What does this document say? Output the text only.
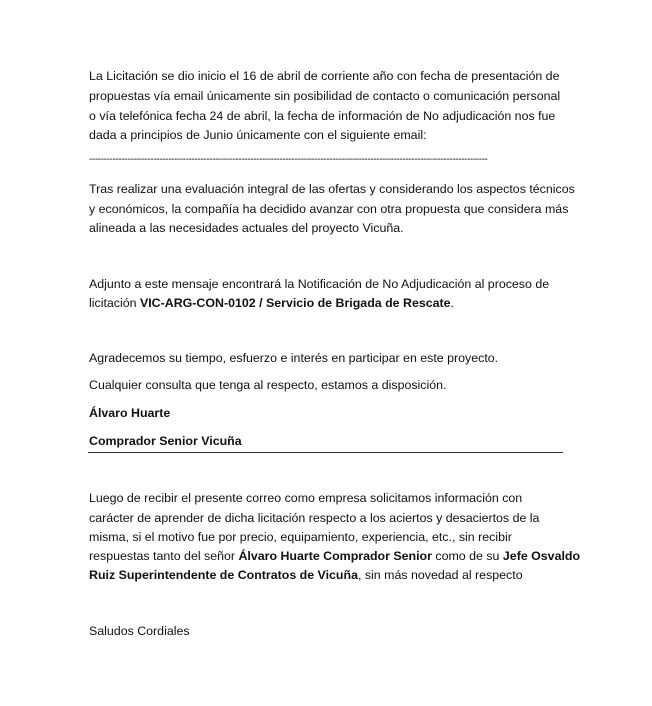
La Licitación se dio inicio el 16 de abril de corriente año con fecha de presentación de
propuestas vía email únicamente sin posibilidad de contacto o comunicación personal
o vía telefónica fecha 24 de abril, la fecha de información de No adjudicación nos fue
dada a principios de Junio únicamente con el siguiente email:
----------------------------------------------------------------------------------------------------------------------------------------
Tras realizar una evaluación integral de las ofertas y considerando los aspectos técnicos
y económicos, la compañía ha decidido avanzar con otra propuesta que considera más
alineada a las necesidades actuales del proyecto Vicuña.
Adjunto a este mensaje encontrará la Notificación de No Adjudicación al proceso de
licitación VIC-ARG-CON-0102 / Servicio de Brigada de Rescate.
Agradecemos su tiempo, esfuerzo e interés en participar en este proyecto.
Cualquier consulta que tenga al respecto, estamos a disposición.
Álvaro Huarte
Comprador Senior Vicuña
Luego de recibir el presente correo como empresa solicitamos información con
carácter de aprender de dicha licitación respecto a los aciertos y desaciertos de la
misma, si el motivo fue por precio, equipamiento, experiencia, etc., sin recibir
respuestas tanto del señor Álvaro Huarte Comprador Senior como de su Jefe Osvaldo
Ruiz Superintendente de Contratos de Vicuña, sin más novedad al respecto
Saludos Cordiales
